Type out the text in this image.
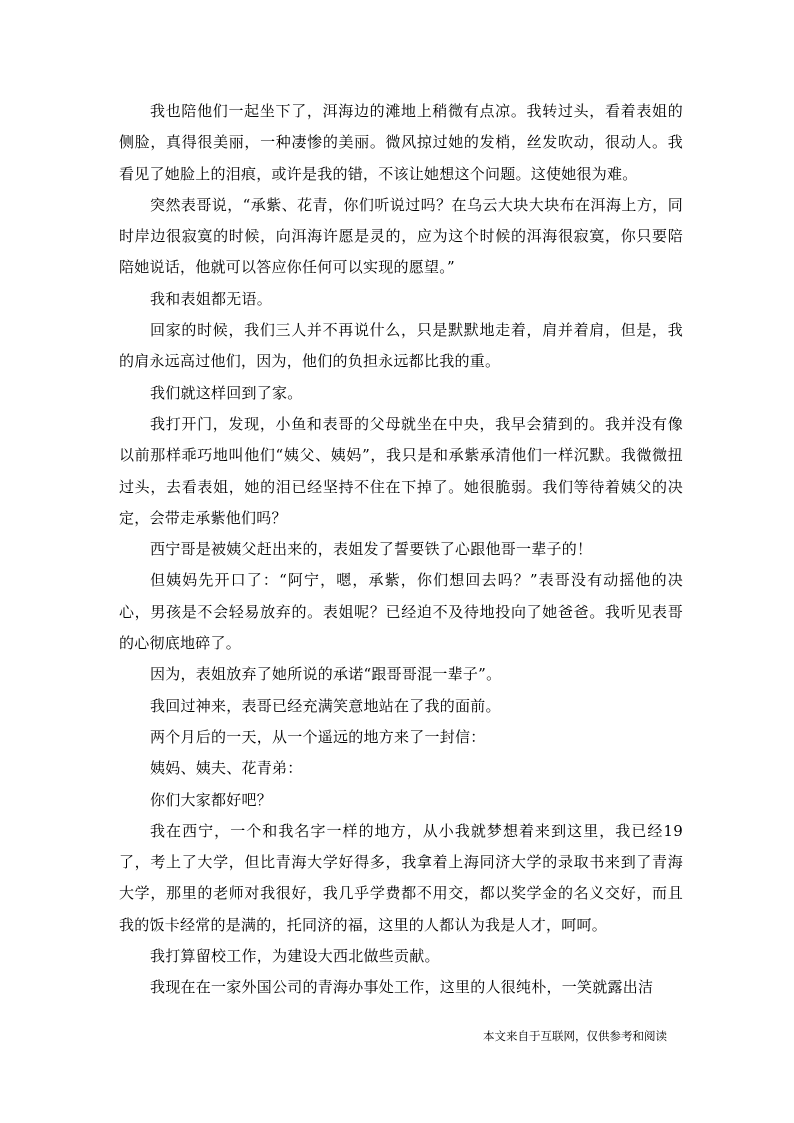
我也陪他们一起坐下了，洱海边的滩地上稍微有点凉。我转过头，看着表姐的侧脸，真得很美丽，一种凄惨的美丽。微风掠过她的发梢，丝发吹动，很动人。我看见了她脸上的泪痕，或许是我的错，不该让她想这个问题。这使她很为难。

突然表哥说，“承紫、花青，你们听说过吗？在乌云大块大块布在洱海上方，同时岸边很寂寞的时候，向洱海许愿是灵的，应为这个时候的洱海很寂寞，你只要陪陪她说话，他就可以答应你任何可以实现的愿望。”

我和表姐都无语。

回家的时候，我们三人并不再说什么，只是默默地走着，肩并着肩，但是，我的肩永远高过他们，因为，他们的负担永远都比我的重。

我们就这样回到了家。

我打开门，发现，小鱼和表哥的父母就坐在中央，我早会猜到的。我并没有像以前那样乖巧地叫他们“姨父、姨妈”，我只是和承紫承清他们一样沉默。我微微扭过头，去看表姐，她的泪已经坚持不住在下掉了。她很脆弱。我们等待着姨父的决定，会带走承紫他们吗？

西宁哥是被姨父赶出来的，表姐发了誓要铁了心跟他哥一辈子的！

但姨妈先开口了：“阿宁，嗯，承紫，你们想回去吗？”表哥没有动摇他的决心，男孩是不会轻易放弃的。表姐呢？已经迫不及待地投向了她爸爸。我听见表哥的心彻底地碎了。

因为，表姐放弃了她所说的承诺“跟哥哥混一辈子”。

我回过神来，表哥已经充满笑意地站在了我的面前。

两个月后的一天，从一个遥远的地方来了一封信：

姨妈、姨夫、花青弟：

你们大家都好吧？

我在西宁，一个和我名字一样的地方，从小我就梦想着来到这里，我已经19了，考上了大学，但比青海大学好得多，我拿着上海同济大学的录取书来到了青海大学，那里的老师对我很好，我几乎学费都不用交，都以奖学金的名义交好，而且我的饭卡经常的是满的，托同济的福，这里的人都认为我是人才，呵呵。

我打算留校工作，为建设大西北做些贡献。

我现在在一家外国公司的青海办事处工作，这里的人很纯朴，一笑就露出洁

本文来自于互联网，仅供参考和阅读
